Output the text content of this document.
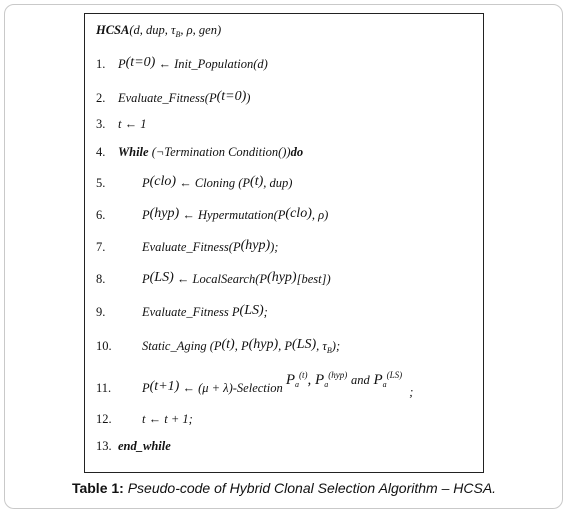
HCSA(d, dup, $\tau_B$, ρ, gen)
1. $P^{(t=0)}$ ← Init_Population(d)
2. $Evaluate\_Fitness(P^{(t=0)})$
3. t ← 1
4. While (¬Termination Condition())do
5.	$P^{(clo)}$ ← Cloning ($P^{(t)}$, dup)
6.	$P^{(hyp)}$ ← $Hypermutation(P^{(clo)}$, ρ)
7.	$Evaluate\_Fitness(P^{(hyp)})$;
8.	$P^{(LS)}$ ← $LocalSearch(P^{(hyp)}[best])$
9.	Evaluate_Fitness $P^{(LS)}$;
10. Static_Aging ($P^{(t)}$, $P^{(hyp)}$, $P^{(LS)}$, $\tau_B$);
11. $P^{(t+1)}$ ← (μ + λ)-Selection $P_a^{(t)}$, $P_a^{(hyp)}$ and $P_a^{(LS)}$ ;
12. t ← t + 1;
13. end_while
Table 1: Pseudo-code of Hybrid Clonal Selection Algorithm – HCSA.
